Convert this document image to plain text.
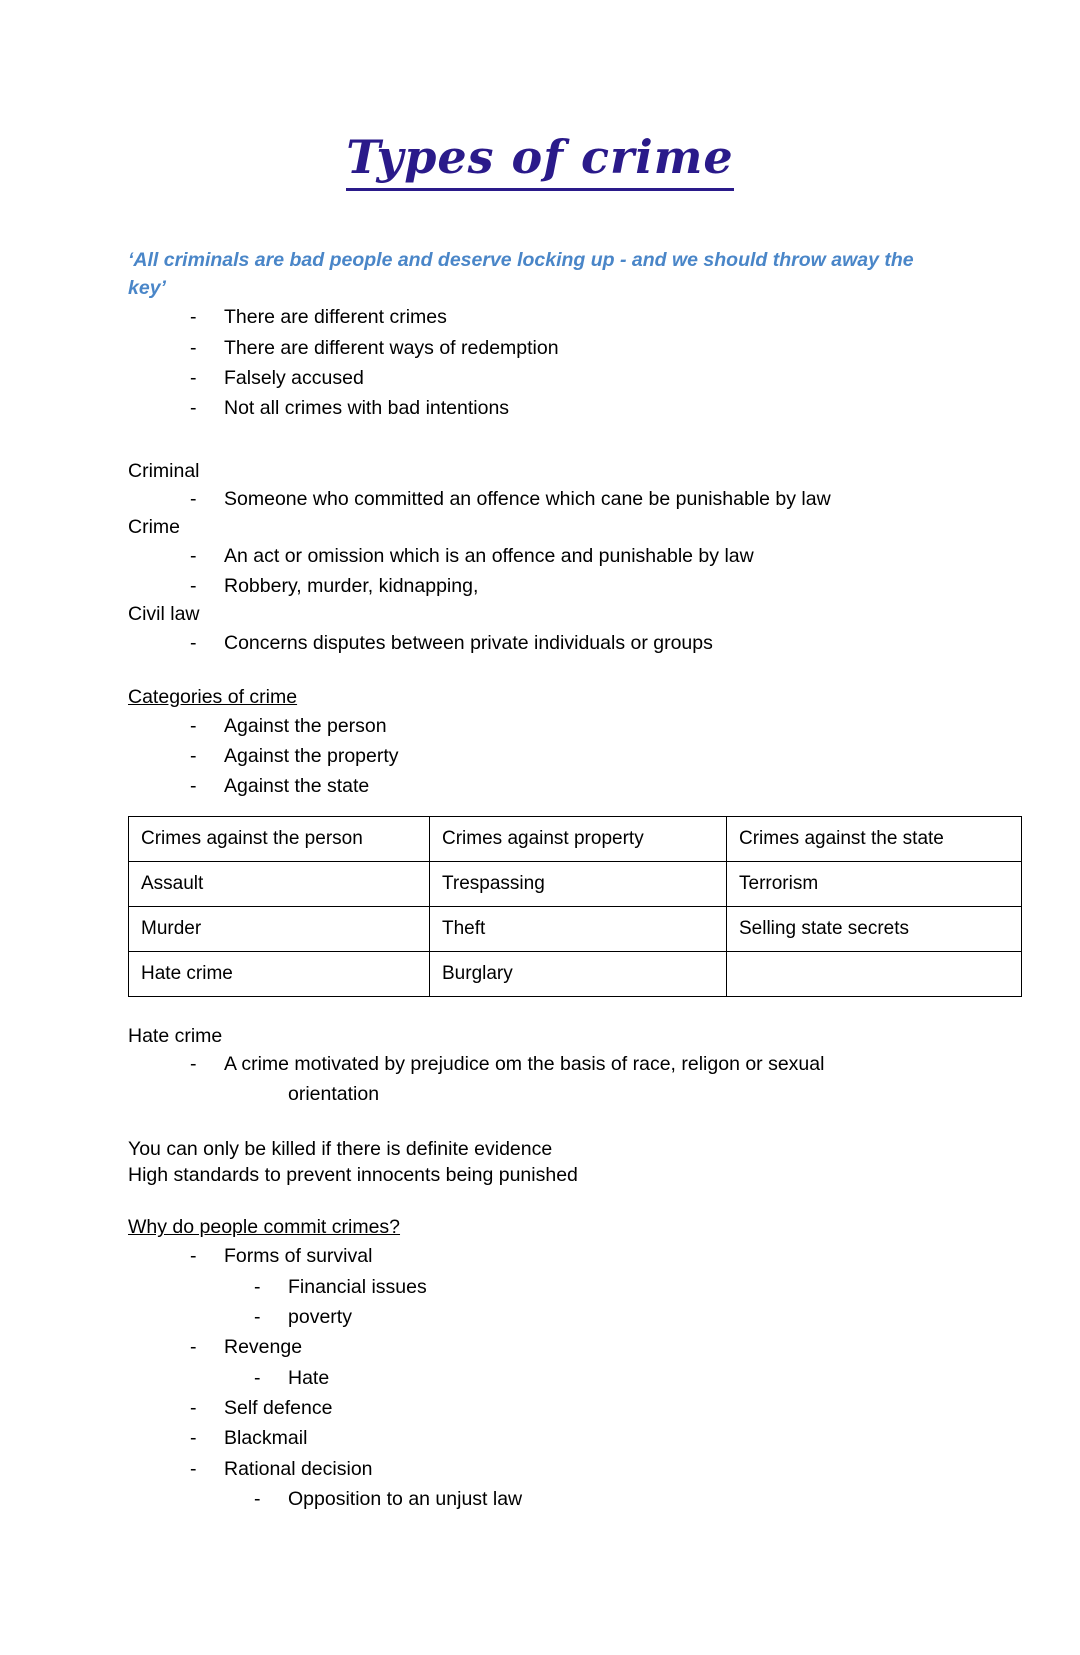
Types of crime
‘All criminals are bad people and deserve locking up - and we should throw away the key’
- There are different crimes
- There are different ways of redemption
- Falsely accused
- Not all crimes with bad intentions
Criminal
- Someone who committed an offence which cane be punishable by law
Crime
- An act or omission which is an offence and punishable by law
- Robbery, murder, kidnapping,
Civil law
- Concerns disputes between private individuals or groups
Categories of crime
- Against the person
- Against the property
- Against the state
Crimes against the person	Crimes against property	Crimes against the state
Assault	Trespassing	Terrorism
Murder	Theft	Selling state secrets
Hate crime	Burglary	
Hate crime
- A crime motivated by prejudice om the basis of race, religon or sexual
orientation
You can only be killed if there is definite evidence
High standards to prevent innocents being punished
Why do people commit crimes?
- Forms of survival
- Financial issues
- poverty
- Revenge
- Hate
- Self defence
- Blackmail
- Rational decision
- Opposition to an unjust law
